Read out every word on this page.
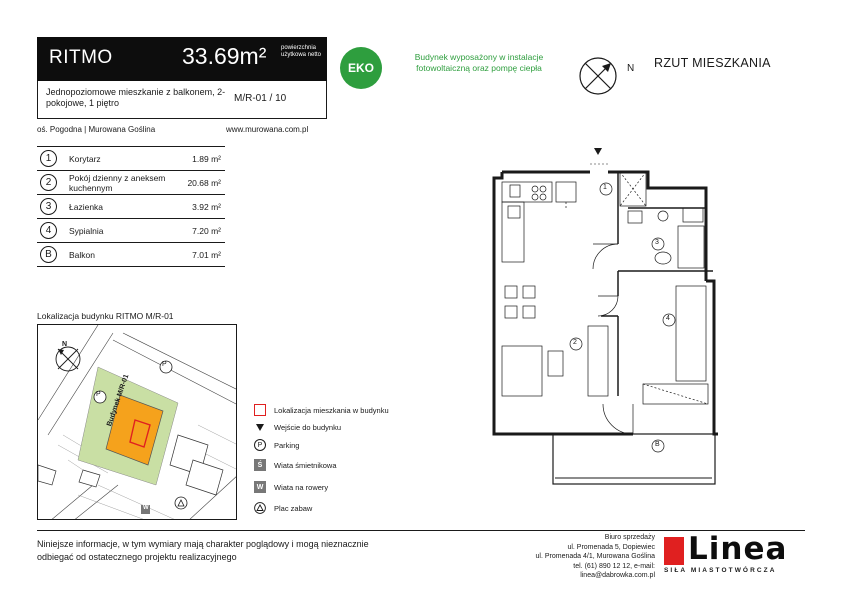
RITMO	33.69m² powierzchnia użytkowa netto
Jednopoziomowe mieszkanie z balkonem, 2-pokojowe, 1 piętro	M/R-01 / 10
oś. Pogodna | Murowana Goślina	www.murowana.com.pl
EKO
Budynek wyposażony w instalacje fotowoltaiczną oraz pompę ciepła	N RZUT MIESZKANIA
1	Korytarz	1.89 m²
2	Pokój dzienny z aneksem kuchennym	20.68 m²
3	Łazienka	3.92 m²
4	Sypialnia	7.20 m²
B	Balkon	7.01 m²
Lokalizacja budynku RITMO M/R-01
P
P
N
W
Budynek M/R-01	Lokalizacja mieszkania w budynku
Wejście do budynku
P	Parking
Ś	Wiata śmietnikowa
W	Wiata na rowery
Plac zabaw
1
2
3
4
B
Niniejsze informacje, w tym wymiary mają charakter poglądowy i mogą nieznacznie odbiegać od ostatecznego projektu realizacyjnego
Biuro sprzedaży
ul. Promenada 5, Dopiewiec
ul. Promenada 4/1, Murowana Goślina
tel. (61) 890 12 12, e-mail: linea@dabrowka.com.pl
Linea
SIŁA MIASTOTWÓRCZA
